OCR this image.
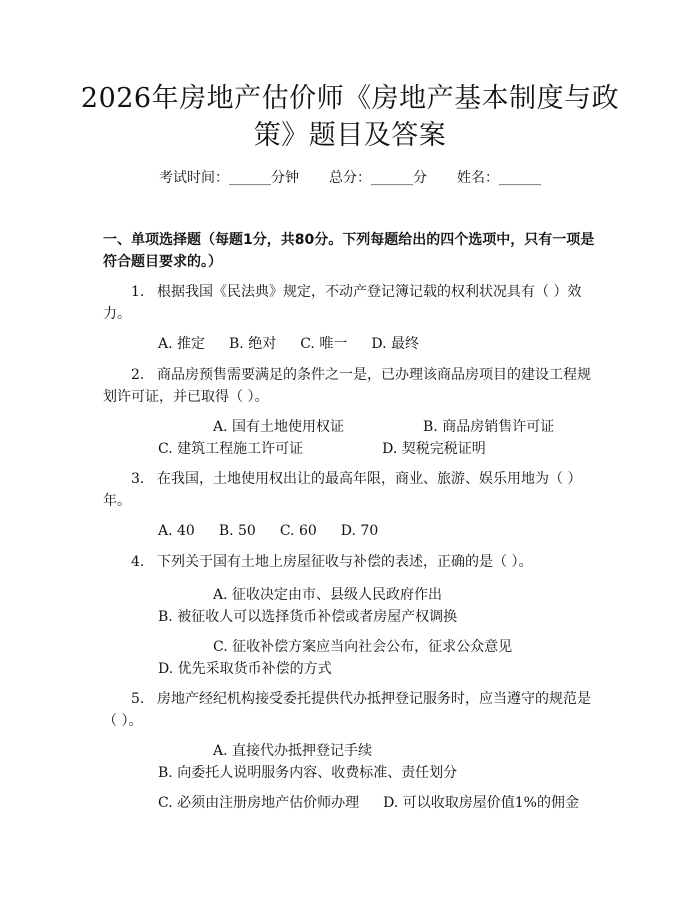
2026年房地产估价师《房地产基本制度与政
策》题目及答案
考试时间：______分钟 总分：______分 姓名：______
一、单项选择题（每题1分，共80分。下列每题给出的四个选项中，只有一项是符合题目要求的。）
1. 根据我国《民法典》规定，不动产登记簿记载的权利状况具有（ ）效力。
A. 推定 B. 绝对 C. 唯一 D. 最终
2. 商品房预售需要满足的条件之一是，已办理该商品房项目的建设工程规划许可证，并已取得（ ）。
A. 国有土地使用权证	B. 商品房销售许可证C. 建筑工程施工许可证	D. 契税完税证明
3. 在我国，土地使用权出让的最高年限，商业、旅游、娱乐用地为（ ）年。
A. 40 B. 50 C. 60 D. 70
4. 下列关于国有土地上房屋征收与补偿的表述，正确的是（ ）。
A. 征收决定由市、县级人民政府作出B. 被征收人可以选择货币补偿或者房屋产权调换
C. 征收补偿方案应当向社会公布，征求公众意见D. 优先采取货币补偿的方式
5. 房地产经纪机构接受委托提供代办抵押登记服务时，应当遵守的规范是（ ）。
A. 直接代办抵押登记手续B. 向委托人说明服务内容、收费标准、责任划分
C. 必须由注册房地产估价师办理 D. 可以收取房屋价值1%的佣金
